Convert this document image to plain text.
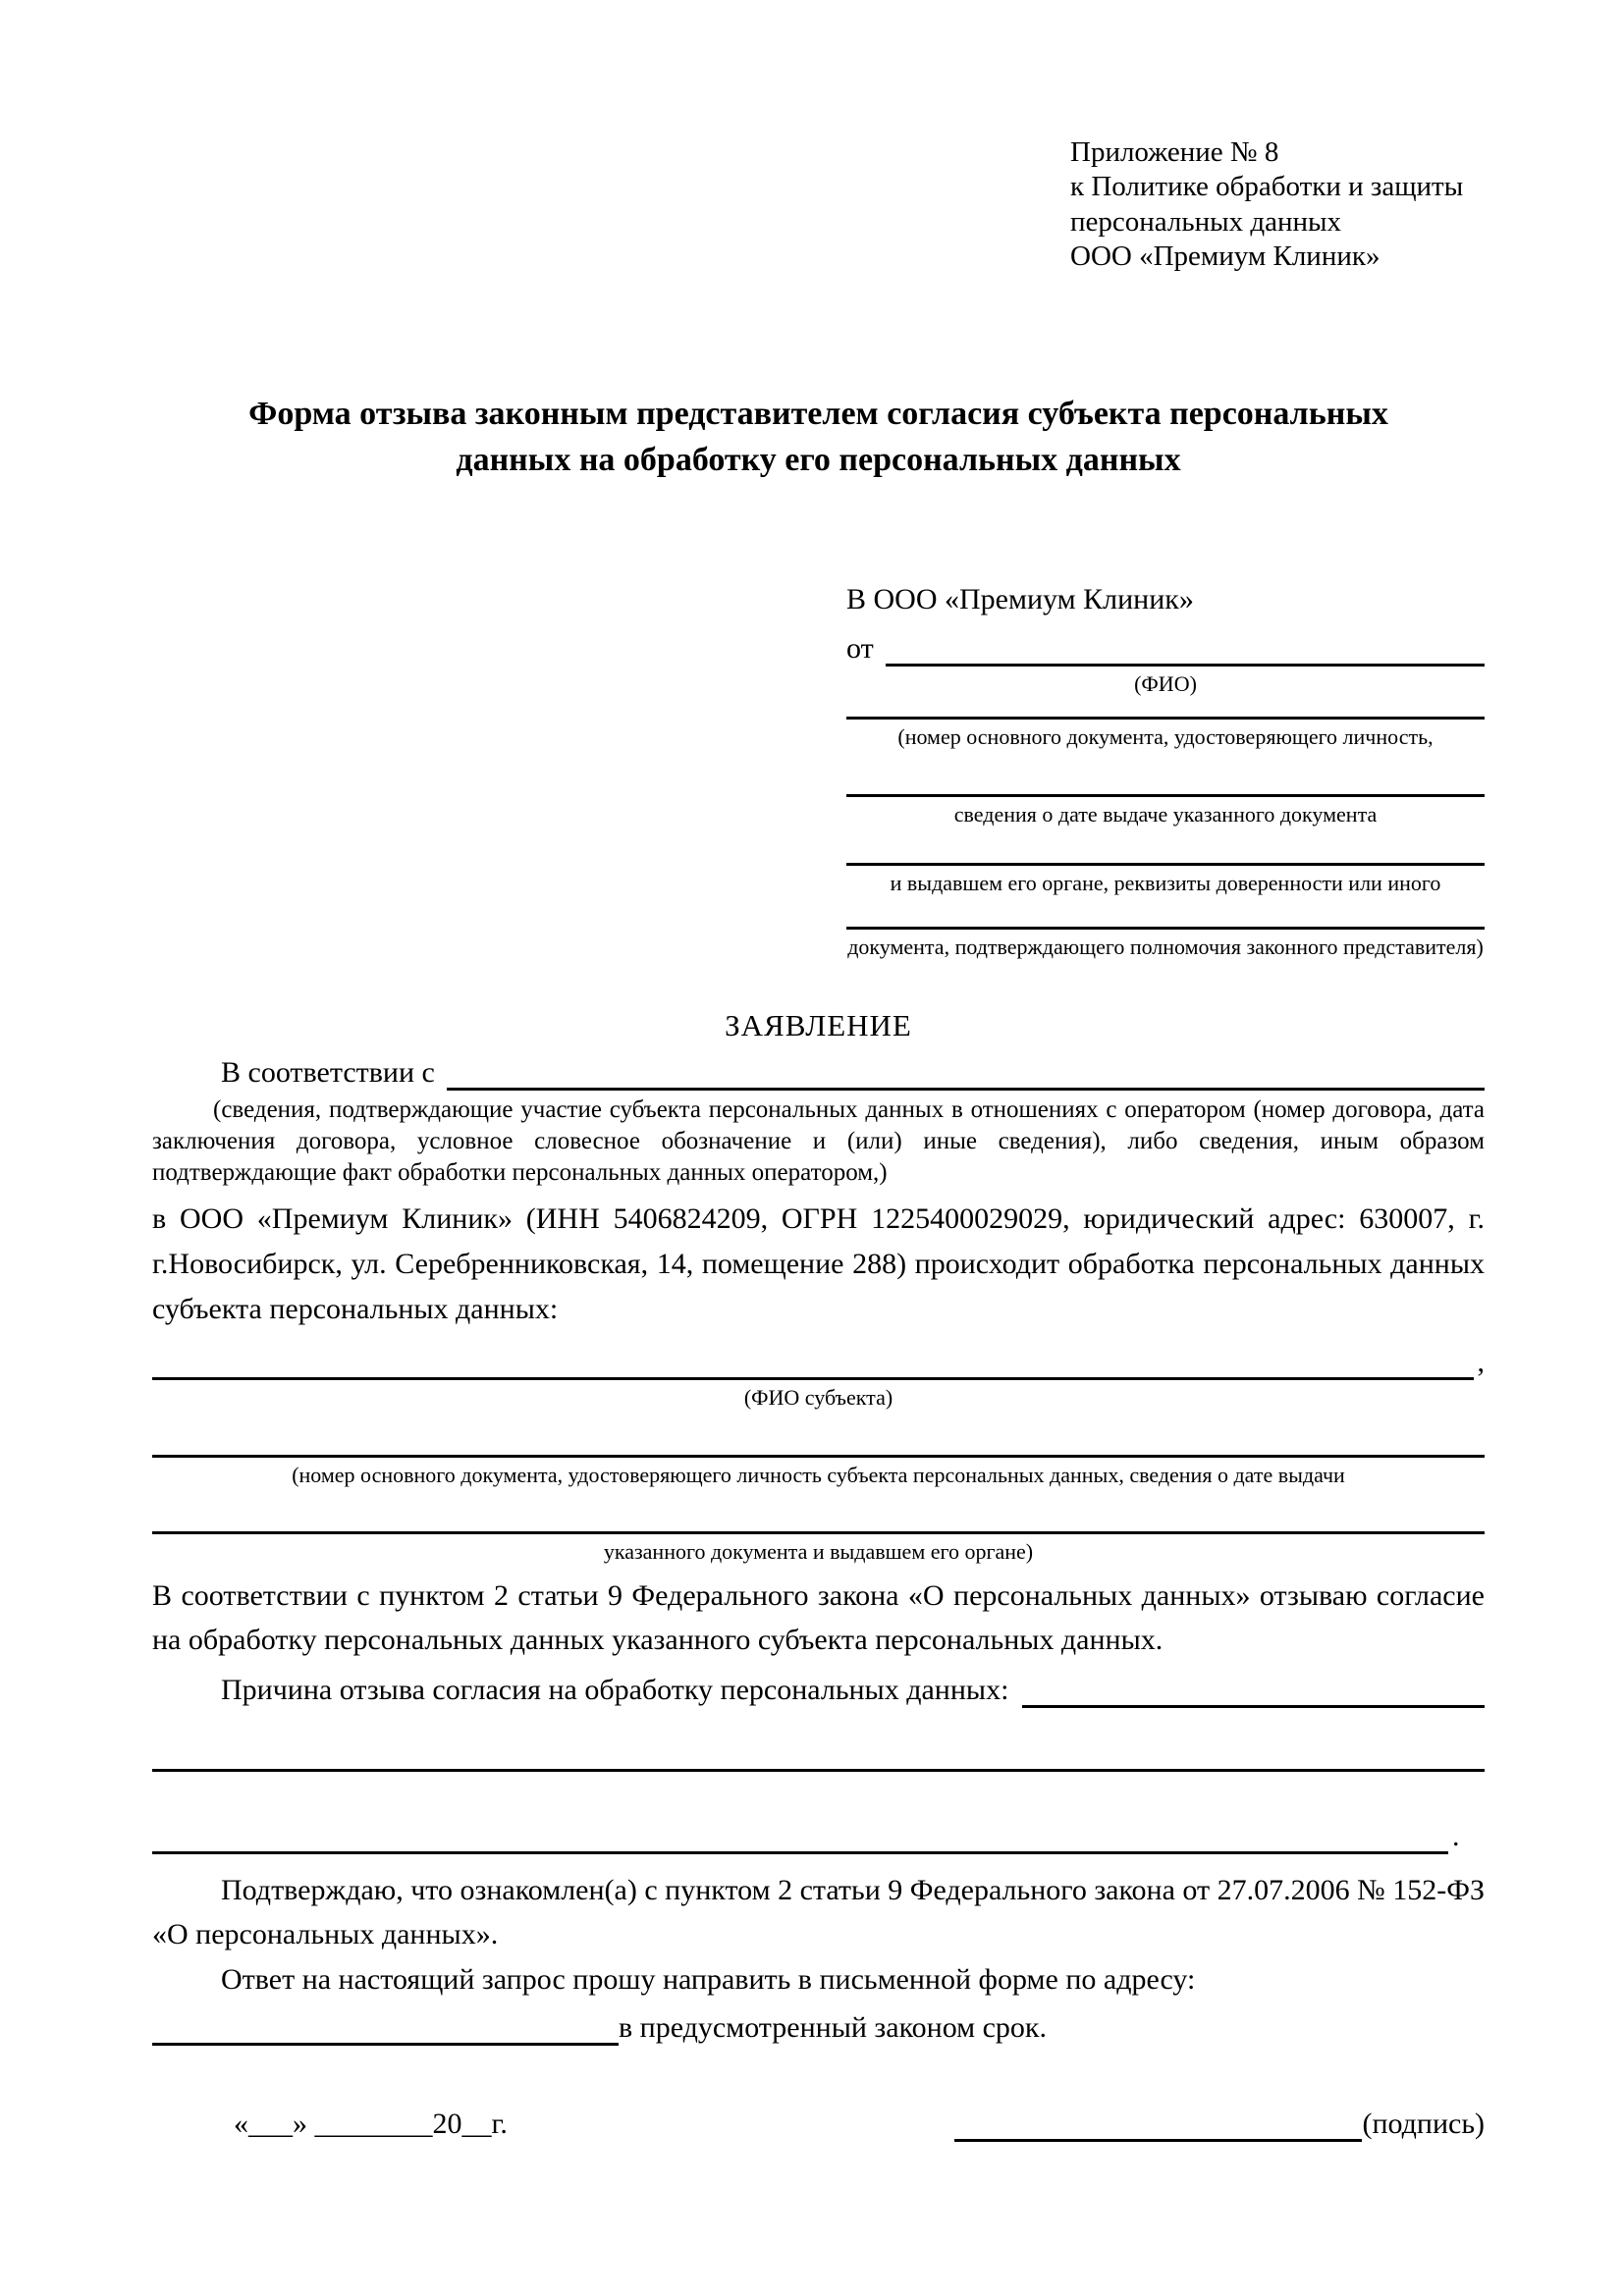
Приложение № 8
к Политике обработки и защиты
персональных данных
ООО «Премиум Клиник»
Форма отзыва законным представителем согласия субъекта персональных данных на обработку его персональных данных
В ООО «Премиум Клиник»
от
(ФИО)
(номер основного документа, удостоверяющего личность,
сведения о дате выдаче указанного документа
и выдавшем его органе, реквизиты доверенности или иного
документа, подтверждающего полномочия законного представителя)
ЗАЯВЛЕНИЕ
В соответствии с
(сведения, подтверждающие участие субъекта персональных данных в отношениях с оператором (номер договора, дата заключения договора, условное словесное обозначение и (или) иные сведения), либо сведения, иным образом подтверждающие факт обработки персональных данных оператором,)

в ООО «Премиум Клиник» (ИНН 5406824209, ОГРН 1225400029029, юридический адрес: 630007, г. г.Новосибирск, ул. Серебренниковская, 14, помещение 288) происходит обработка персональных данных субъекта персональных данных:

,
(ФИО субъекта)
(номер основного документа, удостоверяющего личность субъекта персональных данных, сведения о дате выдачи
указанного документа и выдавшем его органе)

В соответствии с пунктом 2 статьи 9 Федерального закона «О персональных данных» отзываю согласие на обработку персональных данных указанного субъекта персональных данных.

Причина отзыва согласия на обработку персональных данных:
.

Подтверждаю, что ознакомлен(а) с пунктом 2 статьи 9 Федерального закона от 27.07.2006 № 152-ФЗ «О персональных данных».

Ответ на настоящий запрос прошу направить в письменной форме по адресу:

в предусмотренный законом срок.
«___» ________20__г.	(подпись)
